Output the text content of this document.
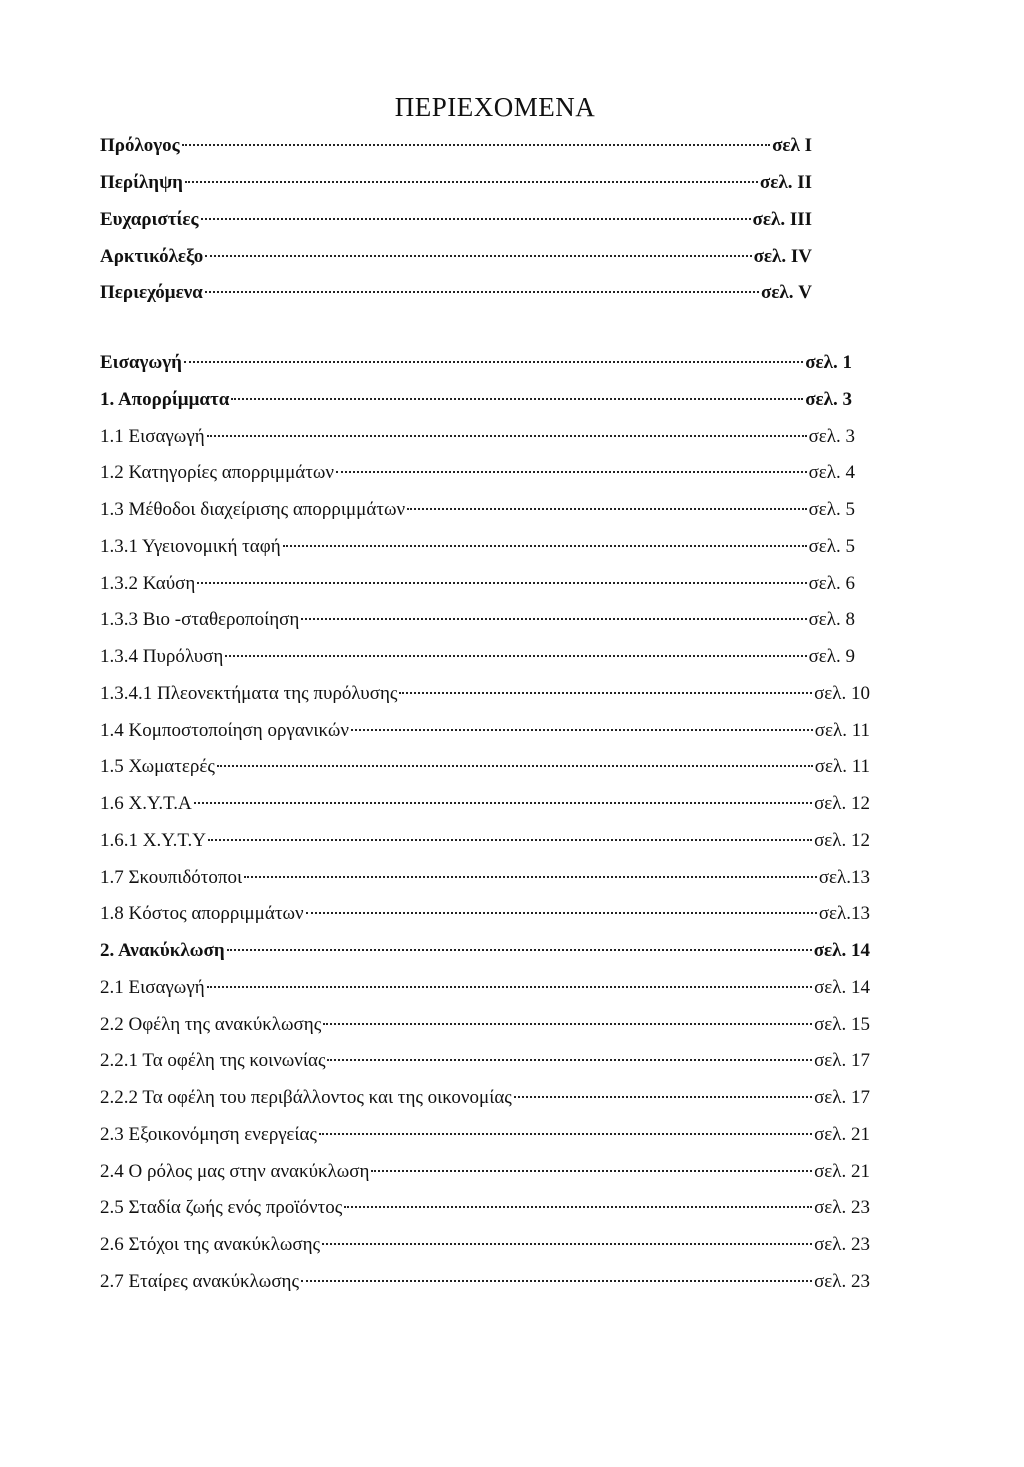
ΠΕΡΙΕΧΟΜΕΝΑ
Πρόλογος	σελ I
Περίληψη	σελ. II
Ευχαριστίες	σελ. III
Αρκτικόλεξο	σελ. IV
Περιεχόμενα	σελ. V
Εισαγωγή	σελ. 1
1. Απορρίμματα	σελ. 3
1.1 Εισαγωγή	σελ. 3
1.2 Κατηγορίες απορριμμάτων	σελ. 4
1.3 Μέθοδοι διαχείρισης απορριμμάτων	σελ. 5
1.3.1 Υγειονομική ταφή	σελ. 5
1.3.2 Καύση	σελ. 6
1.3.3 Βιο -σταθεροποίηση	σελ. 8
1.3.4 Πυρόλυση	σελ. 9
1.3.4.1 Πλεονεκτήματα της πυρόλυσης	σελ. 10
1.4 Κομποστοποίηση οργανικών	σελ. 11
1.5 Χωματερές	σελ. 11
1.6 Χ.Υ.Τ.Α	σελ. 12
1.6.1 Χ.Υ.Τ.Υ	σελ. 12
1.7 Σκουπιδότοποι	σελ.13
1.8 Κόστος απορριμμάτων	σελ.13
2. Ανακύκλωση	σελ. 14
2.1 Εισαγωγή	σελ. 14
2.2 Οφέλη της ανακύκλωσης	σελ. 15
2.2.1 Τα οφέλη της κοινωνίας	σελ. 17
2.2.2 Τα οφέλη του περιβάλλοντος και της οικονομίας	σελ. 17
2.3 Εξοικονόμηση ενεργείας	σελ. 21
2.4 Ο ρόλος μας στην ανακύκλωση	σελ. 21
2.5 Σταδία ζωής ενός προϊόντος	σελ. 23
2.6 Στόχοι της ανακύκλωσης	σελ. 23
2.7 Εταίρες ανακύκλωσης	σελ. 23
